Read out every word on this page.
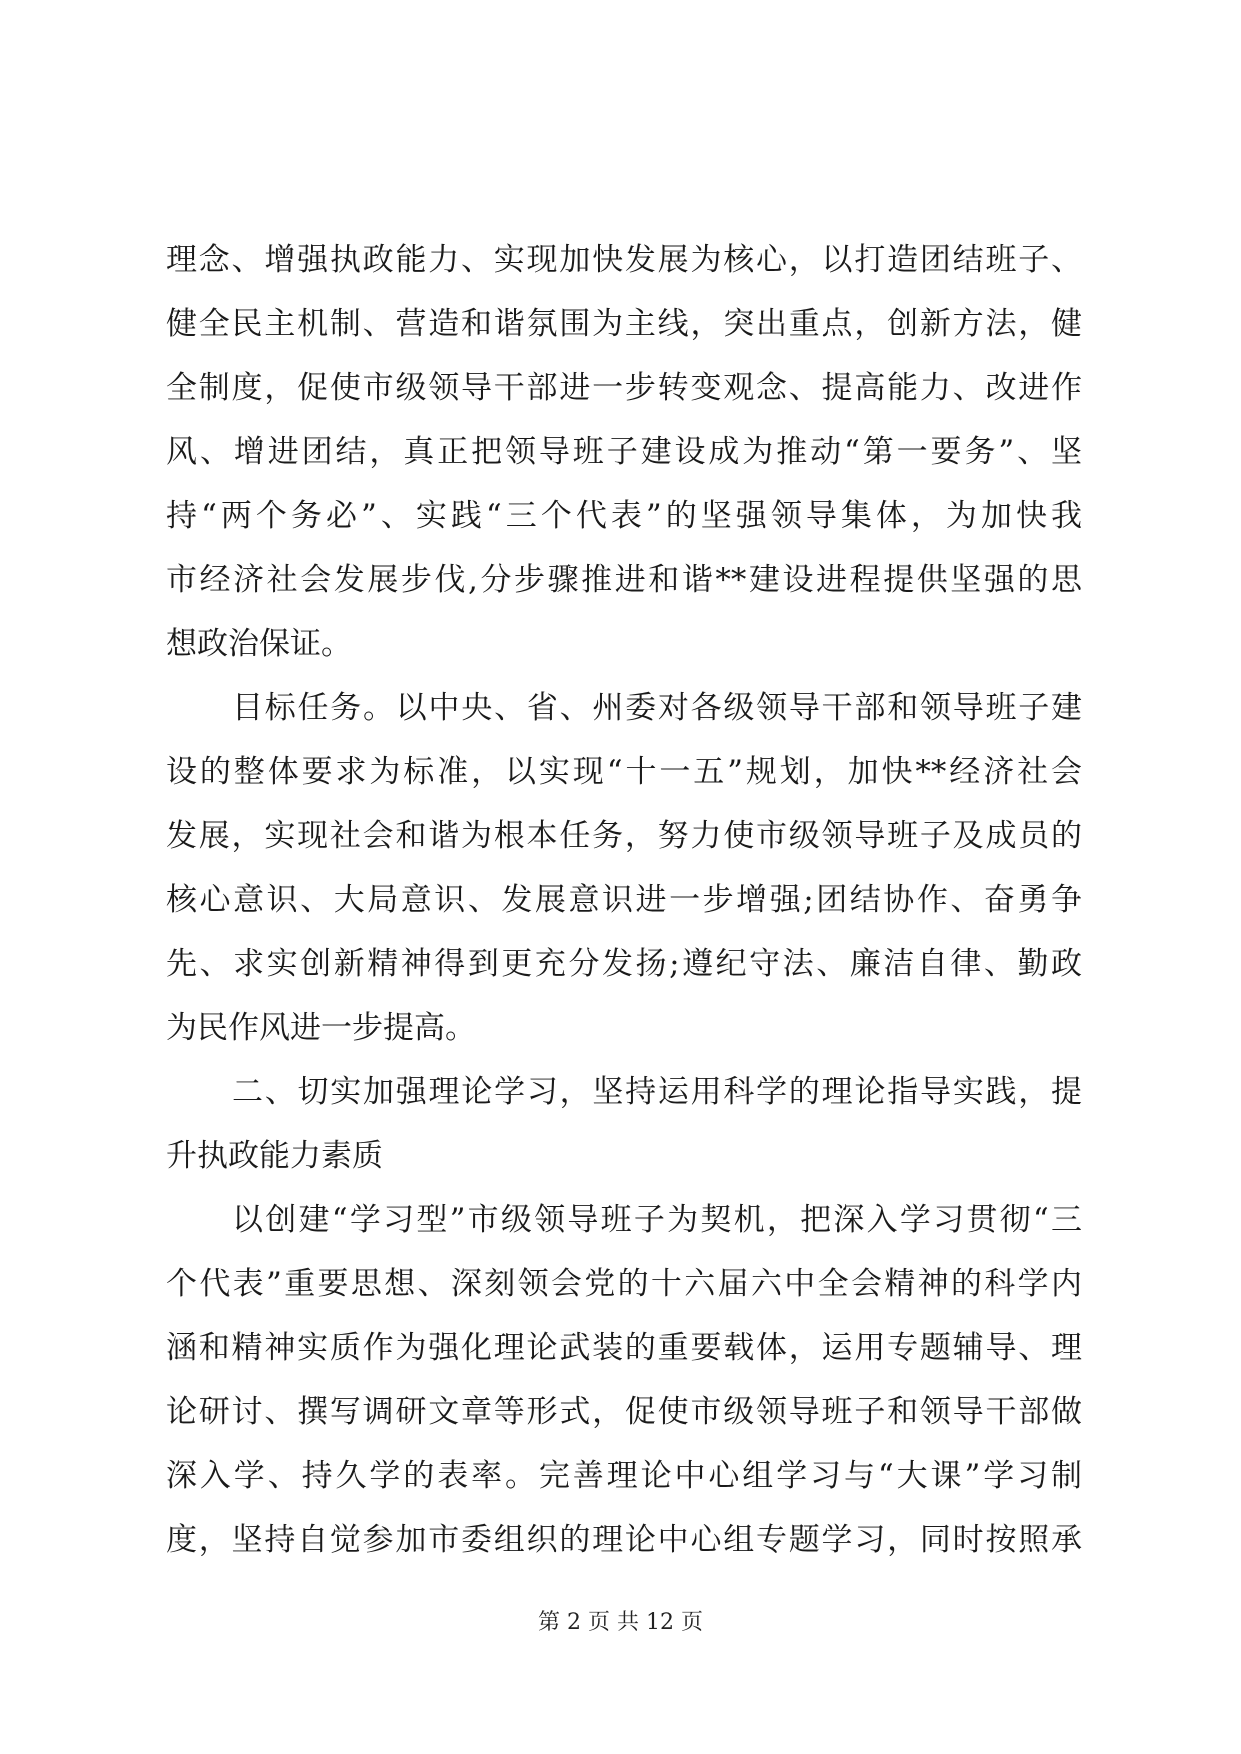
理念、增强执政能力、实现加快发展为核心，以打造团结班子、
健全民主机制、营造和谐氛围为主线，突出重点，创新方法，健
全制度，促使市级领导干部进一步转变观念、提高能力、改进作
风、增进团结，真正把领导班子建设成为推动“第一要务”、坚
持“两个务必”、实践“三个代表”的坚强领导集体，为加快我
市经济社会发展步伐,分步骤推进和谐**建设进程提供坚强的思
想政治保证。
目标任务。以中央、省、州委对各级领导干部和领导班子建
设的整体要求为标准，以实现“十一五”规划，加快**经济社会
发展，实现社会和谐为根本任务，努力使市级领导班子及成员的
核心意识、大局意识、发展意识进一步增强;团结协作、奋勇争
先、求实创新精神得到更充分发扬;遵纪守法、廉洁自律、勤政
为民作风进一步提高。
二、切实加强理论学习，坚持运用科学的理论指导实践，提
升执政能力素质
以创建“学习型”市级领导班子为契机，把深入学习贯彻“三
个代表”重要思想、深刻领会党的十六届六中全会精神的科学内
涵和精神实质作为强化理论武装的重要载体，运用专题辅导、理
论研讨、撰写调研文章等形式，促使市级领导班子和领导干部做
深入学、持久学的表率。完善理论中心组学习与“大课”学习制
度，坚持自觉参加市委组织的理论中心组专题学习，同时按照承
第 2 页 共 12 页
